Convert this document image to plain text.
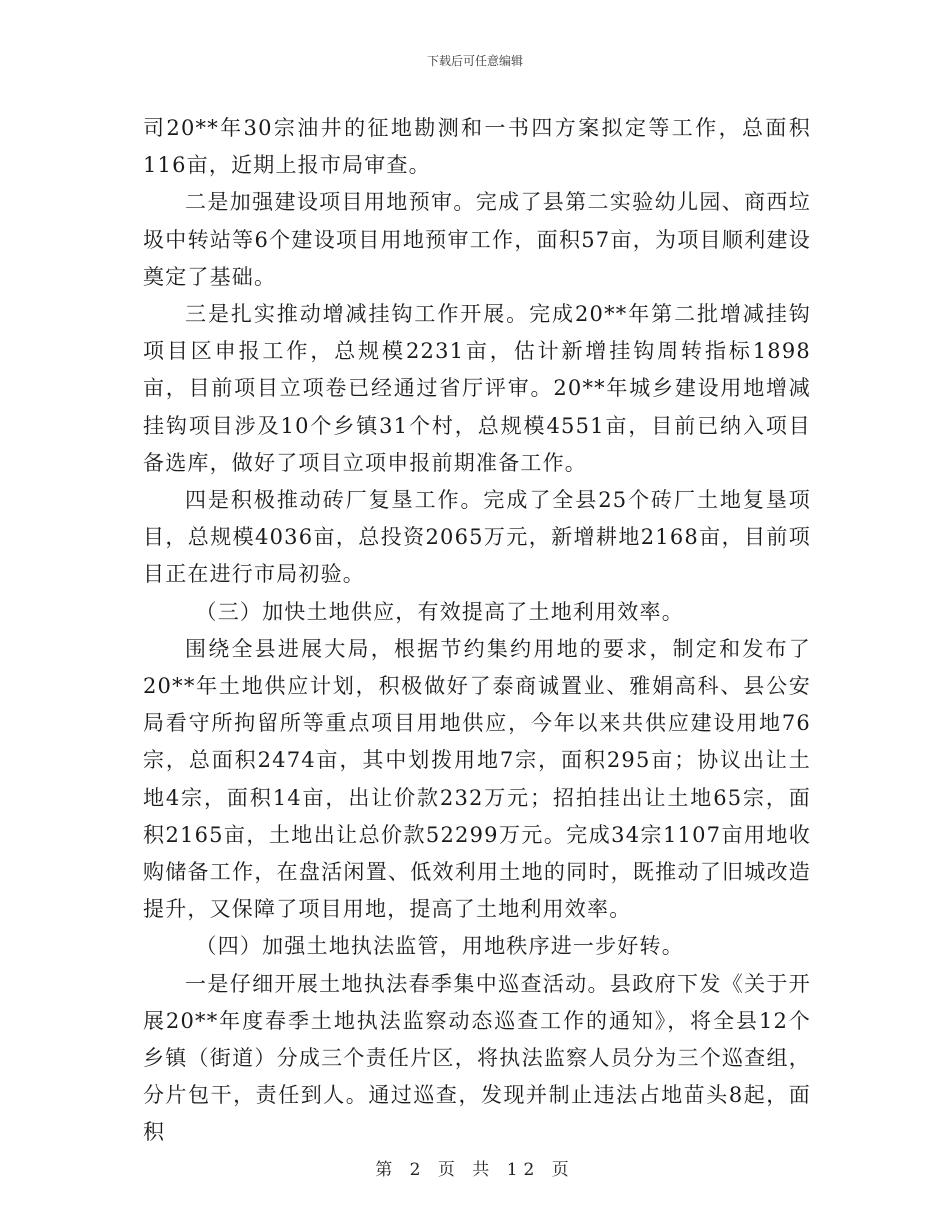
下载后可任意编辑

司20**年30宗油井的征地勘测和一书四方案拟定等工作，总面积116亩，近期上报市局审查。

二是加强建设项目用地预审。完成了县第二实验幼儿园、商西垃圾中转站等6个建设项目用地预审工作，面积57亩，为项目顺利建设奠定了基础。

三是扎实推动增减挂钩工作开展。完成20**年第二批增减挂钩项目区申报工作，总规模2231亩，估计新增挂钩周转指标1898亩，目前项目立项卷已经通过省厅评审。20**年城乡建设用地增减挂钩项目涉及10个乡镇31个村，总规模4551亩，目前已纳入项目备选库，做好了项目立项申报前期准备工作。

四是积极推动砖厂复垦工作。完成了全县25个砖厂土地复垦项目，总规模4036亩，总投资2065万元，新增耕地2168亩，目前项目正在进行市局初验。

（三）加快土地供应，有效提高了土地利用效率。

围绕全县进展大局，根据节约集约用地的要求，制定和发布了20**年土地供应计划，积极做好了泰商诚置业、雅娟高科、县公安局看守所拘留所等重点项目用地供应，今年以来共供应建设用地76宗，总面积2474亩，其中划拨用地7宗，面积295亩；协议出让土地4宗，面积14亩，出让价款232万元；招拍挂出让土地65宗，面积2165亩，土地出让总价款52299万元。完成34宗1107亩用地收购储备工作，在盘活闲置、低效利用土地的同时，既推动了旧城改造提升，又保障了项目用地，提高了土地利用效率。

（四）加强土地执法监管，用地秩序进一步好转。

一是仔细开展土地执法春季集中巡查活动。县政府下发《关于开展20**年度春季土地执法监察动态巡查工作的通知》，将全县12个乡镇（街道）分成三个责任片区，将执法监察人员分为三个巡查组，分片包干，责任到人。通过巡查，发现并制止违法占地苗头8起，面积

第 2 页 共 12 页
